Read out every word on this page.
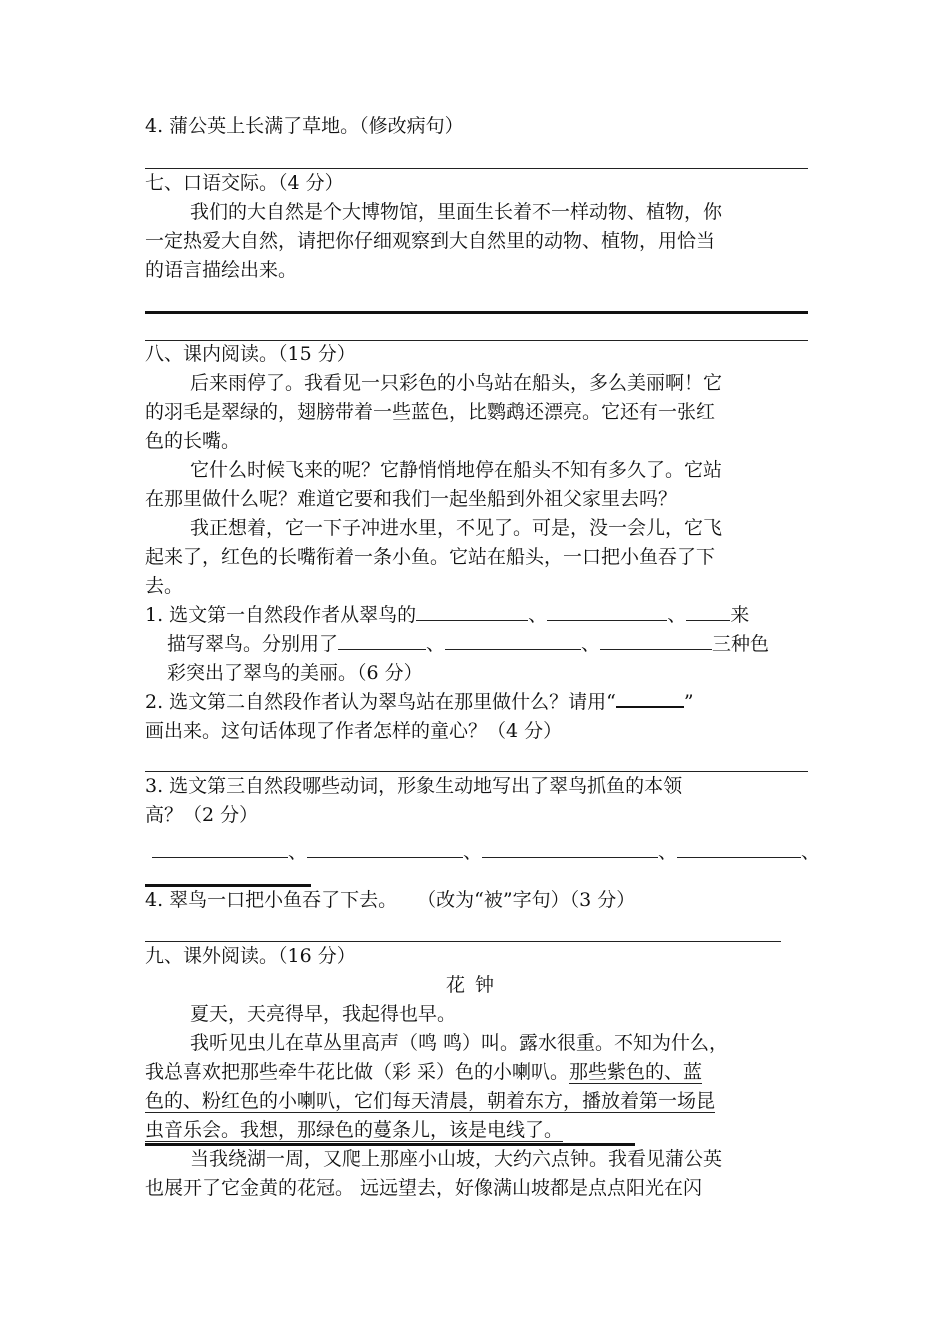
4. 蒲公英上长满了草地。（修改病句）
七、口语交际。（4 分）
我们的大自然是个大博物馆，里面生长着不一样动物、植物，你
一定热爱大自然，请把你仔细观察到大自然里的动物、植物，用恰当
的语言描绘出来。
八、课内阅读。（15 分）
后来雨停了。我看见一只彩色的小鸟站在船头，多么美丽啊！它
的羽毛是翠绿的，翅膀带着一些蓝色，比鹦鹉还漂亮。它还有一张红
色的长嘴。
它什么时候飞来的呢？它静悄悄地停在船头不知有多久了。它站
在那里做什么呢？难道它要和我们一起坐船到外祖父家里去吗？
我正想着，它一下子冲进水里，不见了。可是，没一会儿，它飞
起来了，红色的长嘴衔着一条小鱼。它站在船头，一口把小鱼吞了下
去。
1. 选文第一自然段作者从翠鸟的	、	、 来
描写翠鸟。分别用了	、	、	三种色
彩突出了翠鸟的美丽。（6 分）
2. 选文第二自然段作者认为翠鸟站在那里做什么？请用“	”
画出来。这句话体现了作者怎样的童心？（4 分）
3. 选文第三自然段哪些动词，形象生动地写出了翠鸟抓鱼的本领
高？（2 分）
、	、	、	、
4. 翠鸟一口把小鱼吞了下去。 （改为“被”字句）（3 分）
九、课外阅读。（16 分）
花钟
夏天，天亮得早，我起得也早。
我听见虫儿在草丛里高声（鸣 鸣）叫。露水很重。不知为什么，
我总喜欢把那些牵牛花比做（彩 采）色的小喇叭。那些紫色的、蓝
色的、粉红色的小喇叭，它们每天清晨，朝着东方，播放着第一场昆
虫音乐会。我想，那绿色的蔓条儿，该是电线了。
当我绕湖一周，又爬上那座小山坡，大约六点钟。我看见蒲公英
也展开了它金黄的花冠。 远远望去，好像满山坡都是点点阳光在闪
